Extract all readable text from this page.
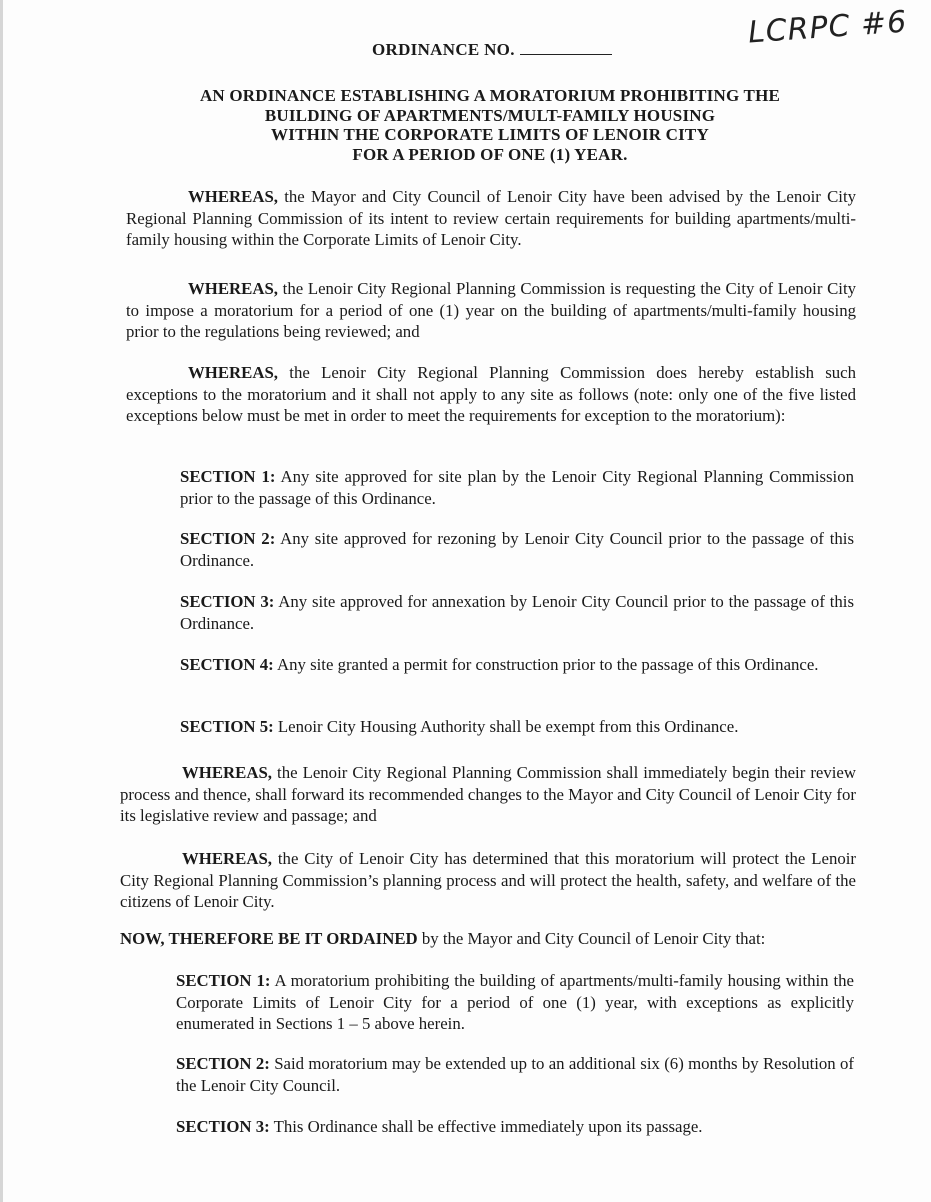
LCRPC #6
ORDINANCE NO.
AN ORDINANCE ESTABLISHING A MORATORIUM PROHIBITING THE
BUILDING OF APARTMENTS/MULT-FAMILY HOUSING
WITHIN THE CORPORATE LIMITS OF LENOIR CITY
FOR A PERIOD OF ONE (1) YEAR.

WHEREAS, the Mayor and City Council of Lenoir City have been advised by the Lenoir City Regional Planning Commission of its intent to review certain requirements for building apartments/multi-family housing within the Corporate Limits of Lenoir City.

WHEREAS, the Lenoir City Regional Planning Commission is requesting the City of Lenoir City to impose a moratorium for a period of one (1) year on the building of apartments/multi-family housing prior to the regulations being reviewed; and

WHEREAS, the Lenoir City Regional Planning Commission does hereby establish such exceptions to the moratorium and it shall not apply to any site as follows (note: only one of the five listed exceptions below must be met in order to meet the requirements for exception to the moratorium):

SECTION 1: Any site approved for site plan by the Lenoir City Regional Planning Commission prior to the passage of this Ordinance.

SECTION 2: Any site approved for rezoning by Lenoir City Council prior to the passage of this Ordinance.

SECTION 3: Any site approved for annexation by Lenoir City Council prior to the passage of this Ordinance.

SECTION 4: Any site granted a permit for construction prior to the passage of this Ordinance.

SECTION 5: Lenoir City Housing Authority shall be exempt from this Ordinance.

WHEREAS, the Lenoir City Regional Planning Commission shall immediately begin their review process and thence, shall forward its recommended changes to the Mayor and City Council of Lenoir City for its legislative review and passage; and

WHEREAS, the City of Lenoir City has determined that this moratorium will protect the Lenoir City Regional Planning Commission’s planning process and will protect the health, safety, and welfare of the citizens of Lenoir City.

NOW, THEREFORE BE IT ORDAINED by the Mayor and City Council of Lenoir City that:

SECTION 1: A moratorium prohibiting the building of apartments/multi-family housing within the Corporate Limits of Lenoir City for a period of one (1) year, with exceptions as explicitly enumerated in Sections 1 – 5 above herein.

SECTION 2: Said moratorium may be extended up to an additional six (6) months by Resolution of the Lenoir City Council.

SECTION 3: This Ordinance shall be effective immediately upon its passage.
